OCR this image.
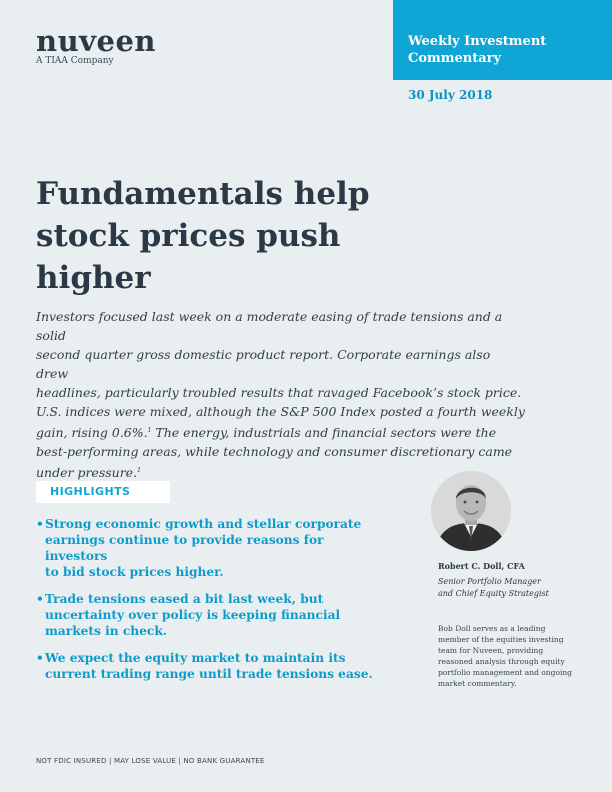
nuveen
A TIAA Company
Weekly Investment
Commentary
30 July 2018
Fundamentals help
stock prices push
higher
Investors focused last week on a moderate easing of trade tensions and a solid
second quarter gross domestic product report. Corporate earnings also drew
headlines, particularly troubled results that ravaged Facebook’s stock price.
U.S. indices were mixed, although the S&P 500 Index posted a fourth weekly
gain, rising 0.6%.$^1$ The energy, industrials and financial sectors were the
best-performing areas, while technology and consumer discretionary came
under pressure.$^1$
HIGHLIGHTS
• Strong economic growth and stellar corporate
earnings continue to provide reasons for investors
to bid stock prices higher.
• Trade tensions eased a bit last week, but
uncertainty over policy is keeping financial
markets in check.
• We expect the equity market to maintain its
current trading range until trade tensions ease.
Robert C. Doll, CFA
Senior Portfolio Manager
and Chief Equity Strategist
Bob Doll serves as a leading
member of the equities investing
team for Nuveen, providing
reasoned analysis through equity
portfolio management and ongoing
market commentary.
NOT FDIC INSURED | MAY LOSE VALUE | NO BANK GUARANTEE
